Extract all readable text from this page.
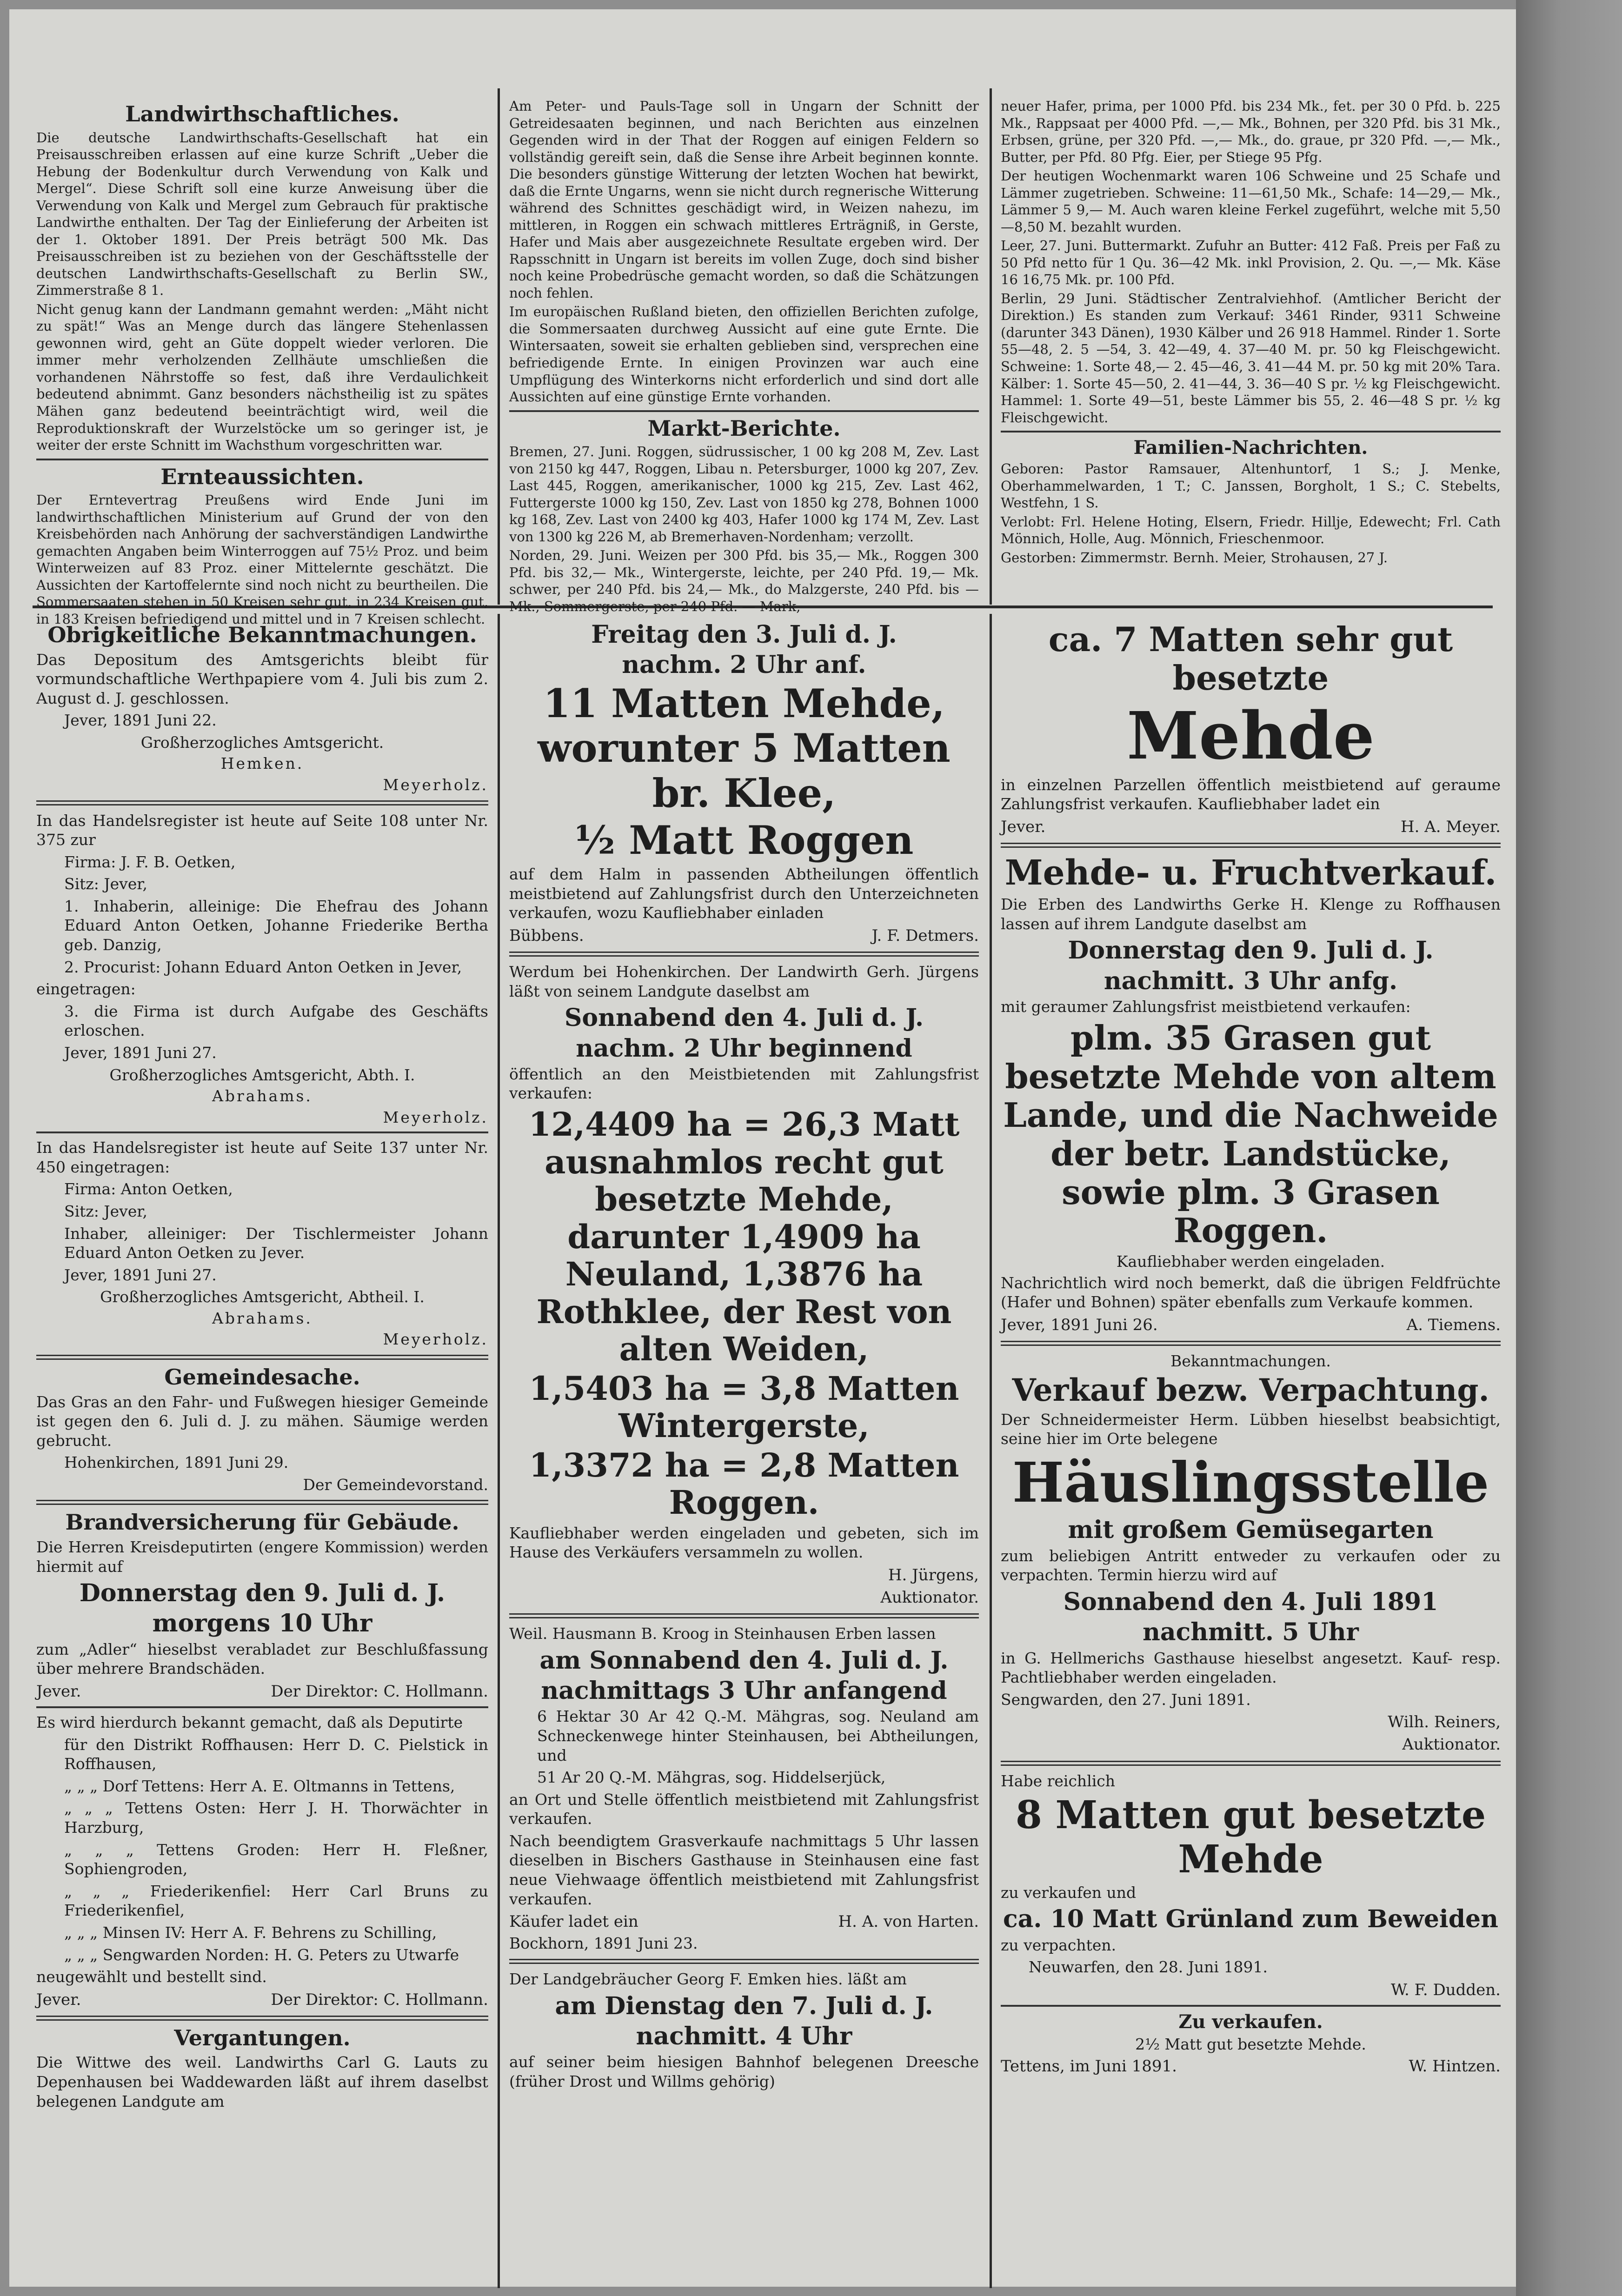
Landwirthschaftliches.

Die deutsche Landwirthschafts-Gesellschaft hat ein Preisausschreiben erlassen auf eine kurze Schrift „Ueber die Hebung der Bodenkultur durch Verwendung von Kalk und Mergel“. Diese Schrift soll eine kurze Anweisung über die Verwendung von Kalk und Mergel zum Gebrauch für praktische Landwirthe enthalten. Der Tag der Einlieferung der Arbeiten ist der 1. Oktober 1891. Der Preis beträgt 500 Mk. Das Preisausschreiben ist zu beziehen von der Geschäftsstelle der deutschen Landwirthschafts-Gesellschaft zu Berlin SW., Zimmerstraße 8 1.

Nicht genug kann der Landmann gemahnt werden: „Mäht nicht zu spät!“ Was an Menge durch das längere Stehenlassen gewonnen wird, geht an Güte doppelt wieder verloren. Die immer mehr verholzenden Zellhäute umschließen die vorhandenen Nährstoffe so fest, daß ihre Verdaulichkeit bedeutend abnimmt. Ganz besonders nächstheilig ist zu spätes Mähen ganz bedeutend beeinträchtigt wird, weil die Reproduktionskraft der Wurzelstöcke um so geringer ist, je weiter der erste Schnitt im Wachsthum vorgeschritten war.

Ernteaussichten.

Der Erntevertrag Preußens wird Ende Juni im landwirthschaftlichen Ministerium auf Grund der von den Kreisbehörden nach Anhörung der sachverständigen Landwirthe gemachten Angaben beim Winterroggen auf 75½ Proz. und beim Winterweizen auf 83 Proz. einer Mittelernte geschätzt. Die Aussichten der Kartoffelernte sind noch nicht zu beurtheilen. Die Sommersaaten stehen in 50 Kreisen sehr gut, in 234 Kreisen gut, in 183 Kreisen befriedigend und mittel und in 7 Kreisen schlecht.

Am Peter- und Pauls-Tage soll in Ungarn der Schnitt der Getreidesaaten beginnen, und nach Berichten aus einzelnen Gegenden wird in der That der Roggen auf einigen Feldern so vollständig gereift sein, daß die Sense ihre Arbeit beginnen konnte. Die besonders günstige Witterung der letzten Wochen hat bewirkt, daß die Ernte Ungarns, wenn sie nicht durch regnerische Witterung während des Schnittes geschädigt wird, in Weizen nahezu, im mittleren, in Roggen ein schwach mittleres Erträgniß, in Gerste, Hafer und Mais aber ausgezeichnete Resultate ergeben wird. Der Rapsschnitt in Ungarn ist bereits im vollen Zuge, doch sind bisher noch keine Probedrüsche gemacht worden, so daß die Schätzungen noch fehlen.

Im europäischen Rußland bieten, den offiziellen Berichten zufolge, die Sommersaaten durchweg Aussicht auf eine gute Ernte. Die Wintersaaten, soweit sie erhalten geblieben sind, versprechen eine befriedigende Ernte. In einigen Provinzen war auch eine Umpflügung des Winterkorns nicht erforderlich und sind dort alle Aussichten auf eine günstige Ernte vorhanden.

Markt-Berichte.

Bremen, 27. Juni. Roggen, südrussischer, 1 00 kg 208 M, Zev. Last von 2150 kg 447, Roggen, Libau n. Petersburger, 1000 kg 207, Zev. Last 445, Roggen, amerikanischer, 1000 kg 215, Zev. Last 462, Futtergerste 1000 kg 150, Zev. Last von 1850 kg 278, Bohnen 1000 kg 168, Zev. Last von 2400 kg 403, Hafer 1000 kg 174 M, Zev. Last von 1300 kg 226 M, ab Bremerhaven-Nordenham; verzollt.

Norden, 29. Juni. Weizen per 300 Pfd. bis 35,— Mk., Roggen 300 Pfd. bis 32,— Mk., Wintergerste, leichte, per 240 Pfd. 19,— Mk. schwer, per 240 Pfd. bis 24,— Mk., do Malzgerste, 240 Pfd. bis — Mk., Sommergerste, per 240 Pfd. — Mark,

neuer Hafer, prima, per 1000 Pfd. bis 234 Mk., fet. per 30 0 Pfd. b. 225 Mk., Rappsaat per 4000 Pfd. —,— Mk., Bohnen, per 320 Pfd. bis 31 Mk., Erbsen, grüne, per 320 Pfd. —,— Mk., do. graue, pr 320 Pfd. —,— Mk., Butter, per Pfd. 80 Pfg. Eier, per Stiege 95 Pfg.

Der heutigen Wochenmarkt waren 106 Schweine und 25 Schafe und Lämmer zugetrieben. Schweine: 11—61,50 Mk., Schafe: 14—29,— Mk., Lämmer 5 9,— M. Auch waren kleine Ferkel zugeführt, welche mit 5,50—8,50 M. bezahlt wurden.

Leer, 27. Juni. Buttermarkt. Zufuhr an Butter: 412 Faß. Preis per Faß zu 50 Pfd netto für 1 Qu. 36—42 Mk. inkl Provision, 2. Qu. —,— Mk. Käse 16 16,75 Mk. pr. 100 Pfd.

Berlin, 29 Juni. Städtischer Zentralviehhof. (Amtlicher Bericht der Direktion.) Es standen zum Verkauf: 3461 Rinder, 9311 Schweine (darunter 343 Dänen), 1930 Kälber und 26 918 Hammel. Rinder 1. Sorte 55—48, 2. 5 —54, 3. 42—49, 4. 37—40 M. pr. 50 kg Fleischgewicht. Schweine: 1. Sorte 48,— 2. 45—46, 3. 41—44 M. pr. 50 kg mit 20% Tara. Kälber: 1. Sorte 45—50, 2. 41—44, 3. 36—40 S pr. ½ kg Fleischgewicht. Hammel: 1. Sorte 49—51, beste Lämmer bis 55, 2. 46—48 S pr. ½ kg Fleischgewicht.

Familien-Nachrichten.

Geboren: Pastor Ramsauer, Altenhuntorf, 1 S.; J. Menke, Oberhammelwarden, 1 T.; C. Janssen, Borgholt, 1 S.; C. Stebelts, Westfehn, 1 S.

Verlobt: Frl. Helene Hoting, Elsern, Friedr. Hillje, Edewecht; Frl. Cath Mönnich, Holle, Aug. Mönnich, Frieschenmoor.

Gestorben: Zimmermstr. Bernh. Meier, Strohausen, 27 J.

Obrigkeitliche Bekanntmachungen.

Das Depositum des Amtsgerichts bleibt für vormundschaftliche Werthpapiere vom 4. Juli bis zum 2. August d. J. geschlossen.

Jever, 1891 Juni 22.

Großherzogliches Amtsgericht.

Hemken.

Meyerholz.

In das Handelsregister ist heute auf Seite 108 unter Nr. 375 zur

Firma: J. F. B. Oetken,

Sitz: Jever,

1. Inhaberin, alleinige: Die Ehefrau des Johann Eduard Anton Oetken, Johanne Friederike Bertha geb. Danzig,

2. Procurist: Johann Eduard Anton Oetken in Jever,

eingetragen:

3. die Firma ist durch Aufgabe des Geschäfts erloschen.

Jever, 1891 Juni 27.

Großherzogliches Amtsgericht, Abth. I.

Abrahams.

Meyerholz.

In das Handelsregister ist heute auf Seite 137 unter Nr. 450 eingetragen:

Firma: Anton Oetken,

Sitz: Jever,

Inhaber, alleiniger: Der Tischlermeister Johann Eduard Anton Oetken zu Jever.

Jever, 1891 Juni 27.

Großherzogliches Amtsgericht, Abtheil. I.

Abrahams.

Meyerholz.

Gemeindesache.

Das Gras an den Fahr- und Fußwegen hiesiger Gemeinde ist gegen den 6. Juli d. J. zu mähen. Säumige werden gebrucht.

Hohenkirchen, 1891 Juni 29.

Der Gemeindevorstand.

Brandversicherung für Gebäude.

Die Herren Kreisdeputirten (engere Kommission) werden hiermit auf

Donnerstag den 9. Juli d. J.
morgens 10 Uhr

zum „Adler“ hieselbst verabladet zur Beschlußfassung über mehrere Brandschäden.

Jever.	Der Direktor: C. Hollmann.

Es wird hierdurch bekannt gemacht, daß als Deputirte

für den Distrikt Roffhausen: Herr D. C. Pielstick in Roffhausen,

„ „ „ Dorf Tettens: Herr A. E. Oltmanns in Tettens,

„ „ „ Tettens Osten: Herr J. H. Thorwächter in Harzburg,

„ „ „ Tettens Groden: Herr H. Fleßner, Sophiengroden,

„ „ „ Friederikenfiel: Herr Carl Bruns zu Friederikenfiel,

„ „ „ Minsen IV: Herr A. F. Behrens zu Schilling,

„ „ „ Sengwarden Norden: H. G. Peters zu Utwarfe

neugewählt und bestellt sind.

Jever.	Der Direktor: C. Hollmann.
Vergantungen.

Die Wittwe des weil. Landwirths Carl G. Lauts zu Depenhausen bei Waddewarden läßt auf ihrem daselbst belegenen Landgute am

Freitag den 3. Juli d. J.
nachm. 2 Uhr anf.
11 Matten Mehde, worunter 5 Matten br. Klee,
½ Matt Roggen

auf dem Halm in passenden Abtheilungen öffentlich meistbietend auf Zahlungsfrist durch den Unterzeichneten verkaufen, wozu Kaufliebhaber einladen

Bübbens.	J. F. Detmers.

Werdum bei Hohenkirchen. Der Landwirth Gerh. Jürgens läßt von seinem Landgute daselbst am

Sonnabend den 4. Juli d. J.
nachm. 2 Uhr beginnend

öffentlich an den Meistbietenden mit Zahlungsfrist verkaufen:

12,4409 ha = 26,3 Matt ausnahmlos recht gut besetzte Mehde, darunter 1,4909 ha Neuland, 1,3876 ha Rothklee, der Rest von alten Weiden,
1,5403 ha = 3,8 Matten Wintergerste,
1,3372 ha = 2,8 Matten Roggen.

Kaufliebhaber werden eingeladen und gebeten, sich im Hause des Verkäufers versammeln zu wollen.

H. Jürgens,

Auktionator.

Weil. Hausmann B. Kroog in Steinhausen Erben lassen

am Sonnabend den 4. Juli d. J.
nachmittags 3 Uhr anfangend

6 Hektar 30 Ar 42 Q.-M. Mähgras, sog. Neuland am Schneckenwege hinter Steinhausen, bei Abtheilungen, und

51 Ar 20 Q.-M. Mähgras, sog. Hiddelserjück,

an Ort und Stelle öffentlich meistbietend mit Zahlungsfrist verkaufen.

Nach beendigtem Grasverkaufe nachmittags 5 Uhr lassen dieselben in Bischers Gasthause in Steinhausen eine fast neue Viehwaage öffentlich meistbietend mit Zahlungsfrist verkaufen.

Käufer ladet ein	H. A. von Harten.

Bockhorn, 1891 Juni 23.

Der Landgebräucher Georg F. Emken hies. läßt am

am Dienstag den 7. Juli d. J.
nachmitt. 4 Uhr

auf seiner beim hiesigen Bahnhof belegenen Dreesche (früher Drost und Willms gehörig)

ca. 7 Matten sehr gut besetzte
Mehde

in einzelnen Parzellen öffentlich meistbietend auf geraume Zahlungsfrist verkaufen. Kaufliebhaber ladet ein

Jever.	H. A. Meyer.
Mehde- u. Fruchtverkauf.

Die Erben des Landwirths Gerke H. Klenge zu Roffhausen lassen auf ihrem Landgute daselbst am

Donnerstag den 9. Juli d. J.
nachmitt. 3 Uhr anfg.

mit geraumer Zahlungsfrist meistbietend verkaufen:

plm. 35 Grasen gut besetzte Mehde von altem Lande, und die Nachweide der betr. Landstücke, sowie plm. 3 Grasen Roggen.

Kaufliebhaber werden eingeladen.

Nachrichtlich wird noch bemerkt, daß die übrigen Feldfrüchte (Hafer und Bohnen) später ebenfalls zum Verkaufe kommen.

Jever, 1891 Juni 26.	A. Tiemens.

Bekanntmachungen.

Verkauf bezw. Verpachtung.

Der Schneidermeister Herm. Lübben hieselbst beabsichtigt, seine hier im Orte belegene

Häuslingsstelle
mit großem Gemüsegarten

zum beliebigen Antritt entweder zu verkaufen oder zu verpachten. Termin hierzu wird auf

Sonnabend den 4. Juli 1891
nachmitt. 5 Uhr

in G. Hellmerichs Gasthause hieselbst angesetzt. Kauf- resp. Pachtliebhaber werden eingeladen.

Sengwarden, den 27. Juni 1891.

Wilh. Reiners,

Auktionator.

Habe reichlich

8 Matten gut besetzte Mehde

zu verkaufen und

ca. 10 Matt Grünland zum Beweiden

zu verpachten.

Neuwarfen, den 28. Juni 1891.

W. F. Dudden.

Zu verkaufen.

2½ Matt gut besetzte Mehde.

Tettens, im Juni 1891.	W. Hintzen.
